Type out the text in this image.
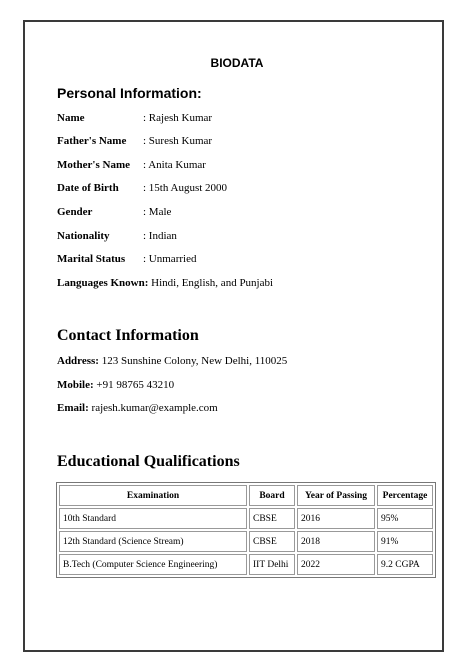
BIODATA
Personal Information:
Name	: Rajesh Kumar
Father's Name : Suresh Kumar
Mother's Name : Anita Kumar
Date of Birth : 15th August 2000
Gender	: Male
Nationality	: Indian
Marital Status : Unmarried
Languages Known: Hindi, English, and Punjabi
Contact Information
Address: 123 Sunshine Colony, New Delhi, 110025
Mobile: +91 98765 43210
Email: rajesh.kumar@example.com
Educational Qualifications
Examination	Board	Year of Passing	Percentage
10th Standard	CBSE	2016	95%
12th Standard (Science Stream)	CBSE	2018	91%
B.Tech (Computer Science Engineering)	IIT Delhi	2022	9.2 CGPA
